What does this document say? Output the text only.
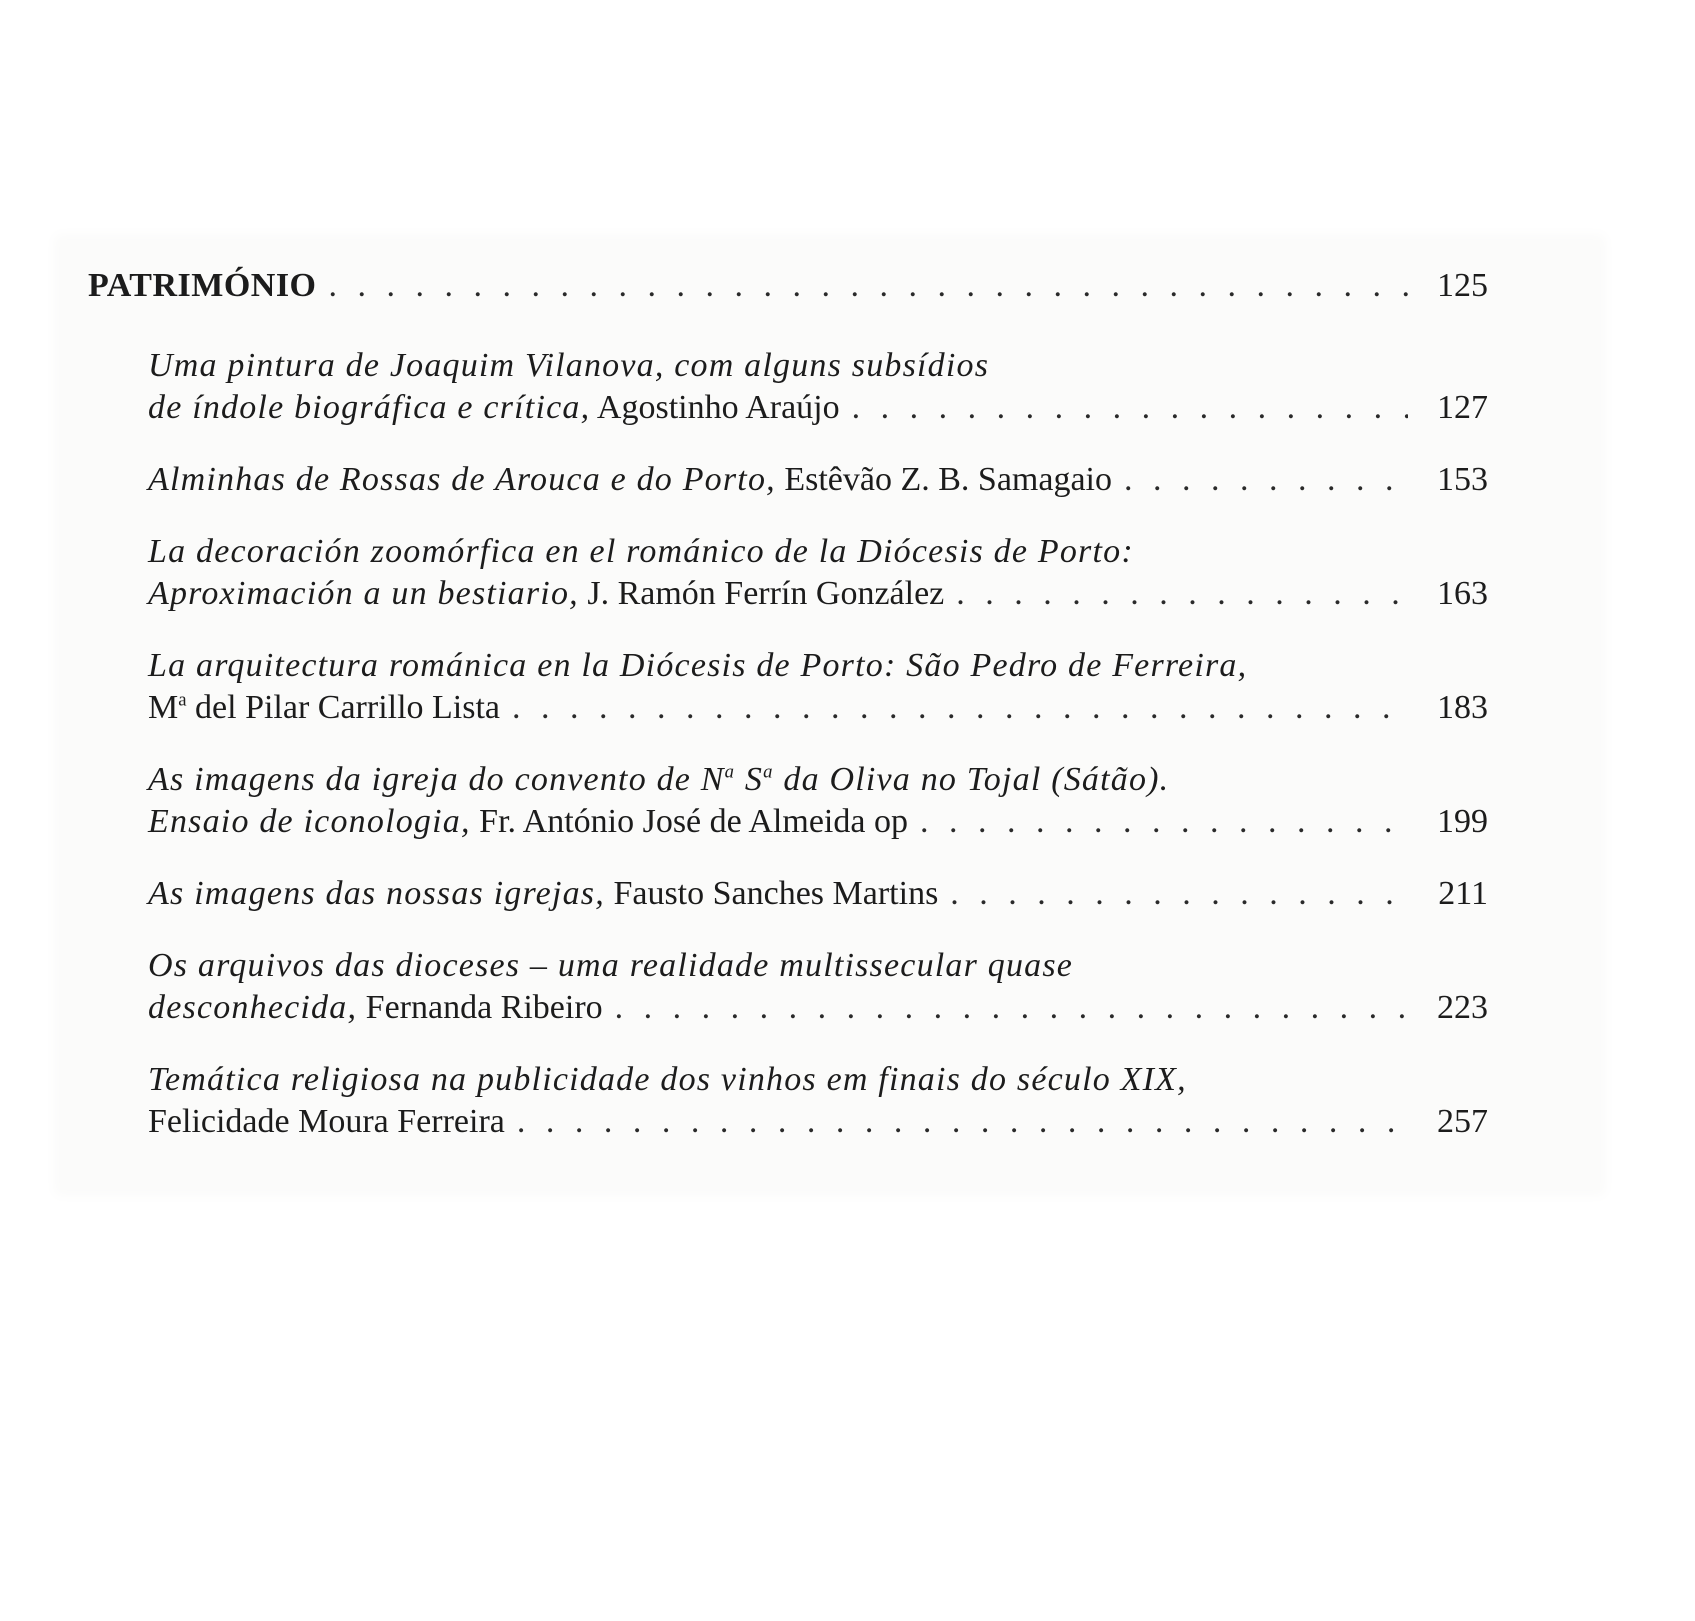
PATRIMÓNIO . . .	125
Uma pintura de Joaquim Vilanova, com alguns subsídios
de índole biográfica e crítica, Agostinho Araújo . . .	127
Alminhas de Rossas de Arouca e do Porto, Estêvão Z. B. Samagaio . . .	153
La decoración zoomórfica en el románico de la Diócesis de Porto:
Aproximación a un bestiario, J. Ramón Ferrín González . . .	163
La arquitectura románica en la Diócesis de Porto: São Pedro de Ferreira,
$M^a$ del Pilar Carrillo Lista . . .	183
As imagens da igreja do convento de $N^a$ $S^a$ da Oliva no Tojal (Sátão).
Ensaio de iconologia, Fr. António José de Almeida op . . .	199
As imagens das nossas igrejas, Fausto Sanches Martins . . .	211
Os arquivos das dioceses – uma realidade multissecular quase
desconhecida, Fernanda Ribeiro . . .	223
Temática religiosa na publicidade dos vinhos em finais do século XIX,
Felicidade Moura Ferreira . . .	257
